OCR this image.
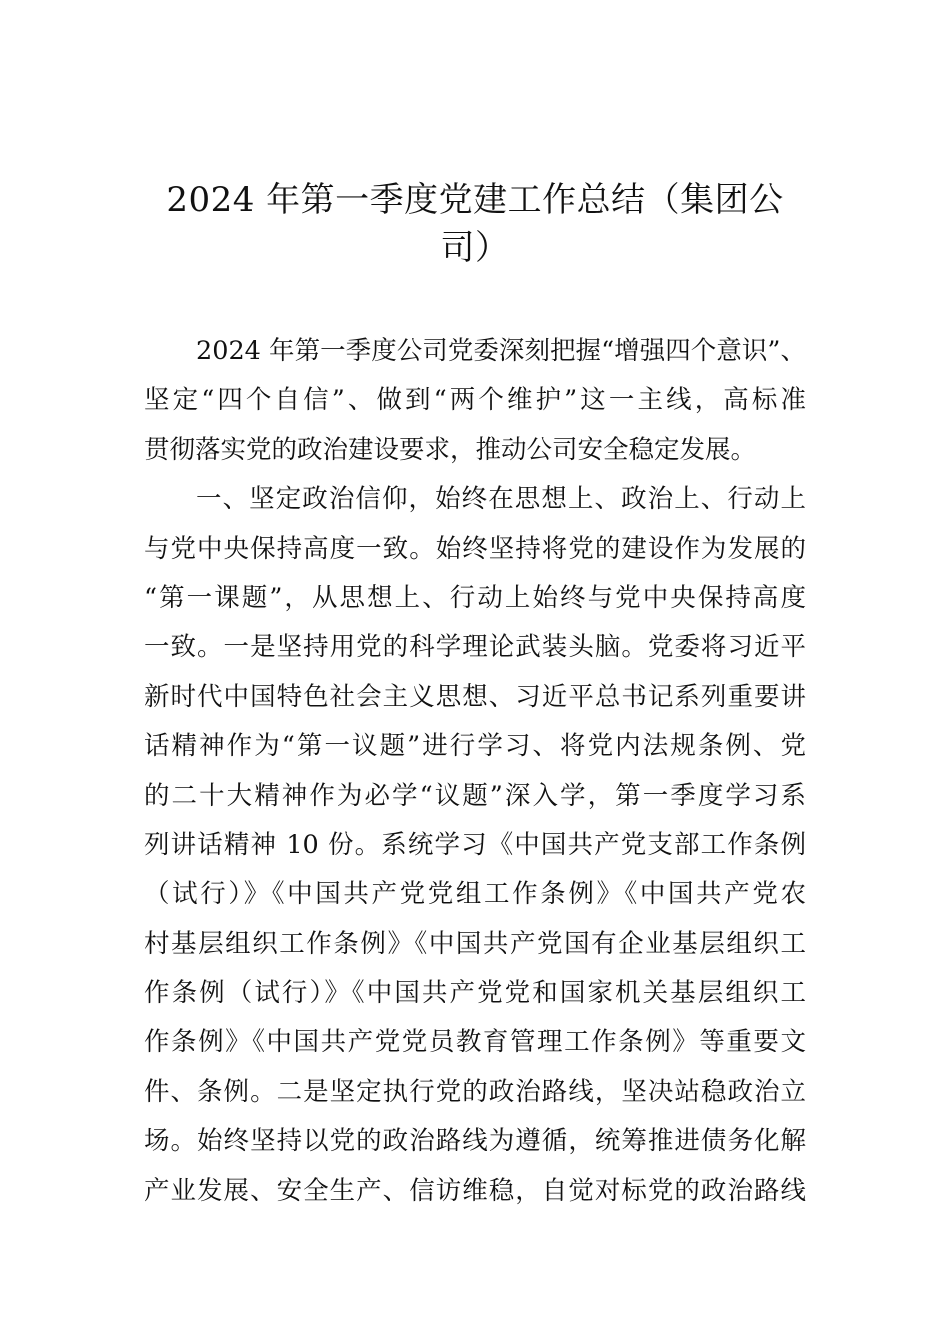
2024 年第一季度党建工作总结（集团公
司）
2024 年第一季度公司党委深刻把握“增强四个意识”、
坚定“四个自信”、做到“两个维护”这一主线，高标准
贯彻落实党的政治建设要求，推动公司安全稳定发展。
一、坚定政治信仰，始终在思想上、政治上、行动上
与党中央保持高度一致。始终坚持将党的建设作为发展的
“第一课题”，从思想上、行动上始终与党中央保持高度
一致。一是坚持用党的科学理论武装头脑。党委将习近平
新时代中国特色社会主义思想、习近平总书记系列重要讲
话精神作为“第一议题”进行学习、将党内法规条例、党
的二十大精神作为必学“议题”深入学，第一季度学习系
列讲话精神 10 份。系统学习《中国共产党支部工作条例
（试行）》《中国共产党党组工作条例》《中国共产党农
村基层组织工作条例》《中国共产党国有企业基层组织工
作条例（试行）》《中国共产党党和国家机关基层组织工
作条例》《中国共产党党员教育管理工作条例》等重要文
件、条例。二是坚定执行党的政治路线，坚决站稳政治立
场。始终坚持以党的政治路线为遵循，统筹推进债务化解
产业发展、安全生产、信访维稳，自觉对标党的政治路线
